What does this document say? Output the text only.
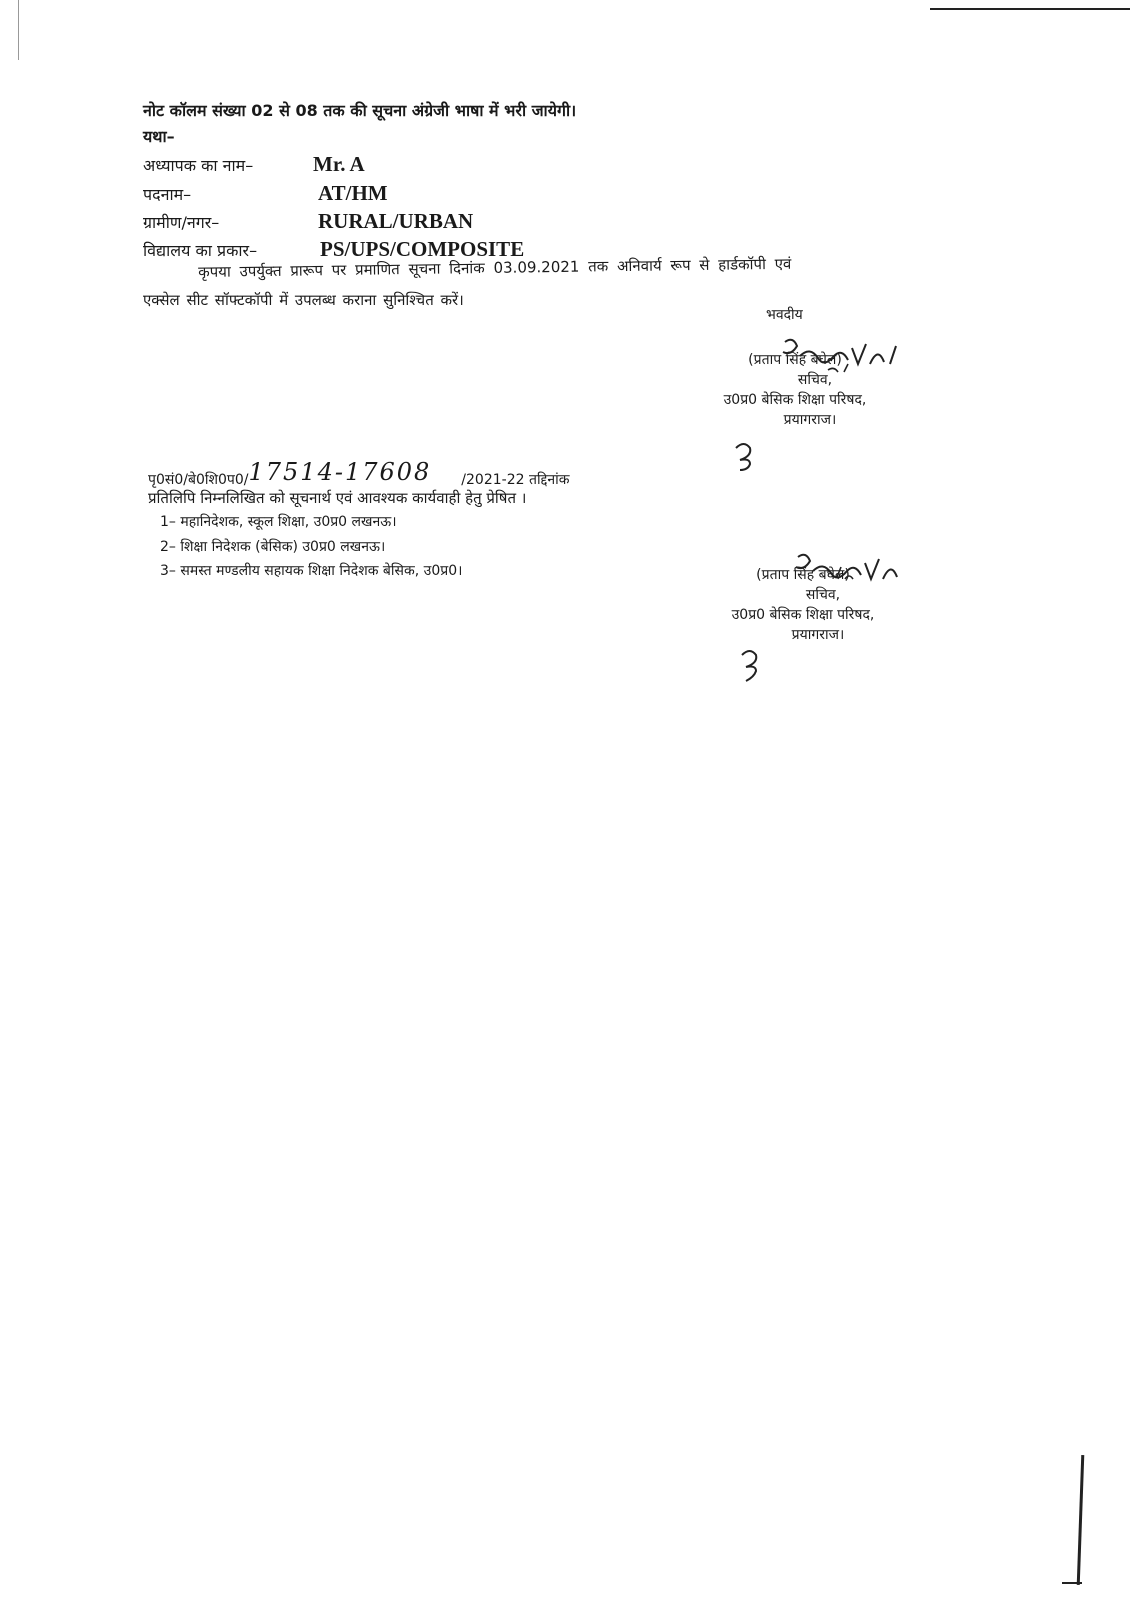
नोट कॉलम संख्या 02 से 08 तक की सूचना अंग्रेजी भाषा में भरी जायेगी।
यथा–
अध्यापक का नाम–	Mr. A
पदनाम–	AT/HM
ग्रामीण/नगर–	RURAL/URBAN
विद्यालय का प्रकार–	PS/UPS/COMPOSITE
कृपया उपर्युक्त प्रारूप पर प्रमाणित सूचना दिनांक 03.09.2021 तक अनिवार्य रूप से हार्डकॉपी एवं
एक्सेल सीट सॉफ्टकॉपी में उपलब्ध कराना सुनिश्चित करें।
भवदीय
(प्रताप सिंह बघेल)
सचिव,
उ0प्र0 बेसिक शिक्षा परिषद,
प्रयागराज।
पृ0सं0/बे0शि0प0/17514-17608 /2021-22 तद्दिनांक
प्रतिलिपि निम्नलिखित को सूचनार्थ एवं आवश्यक कार्यवाही हेतु प्रेषित ।
1– महानिदेशक, स्कूल शिक्षा, उ0प्र0 लखनऊ।
2– शिक्षा निदेशक (बेसिक) उ0प्र0 लखनऊ।
3– समस्त मण्डलीय सहायक शिक्षा निदेशक बेसिक, उ0प्र0।	(प्रताप सिंह बघेल)
सचिव,
उ0प्र0 बेसिक शिक्षा परिषद,
प्रयागराज।
